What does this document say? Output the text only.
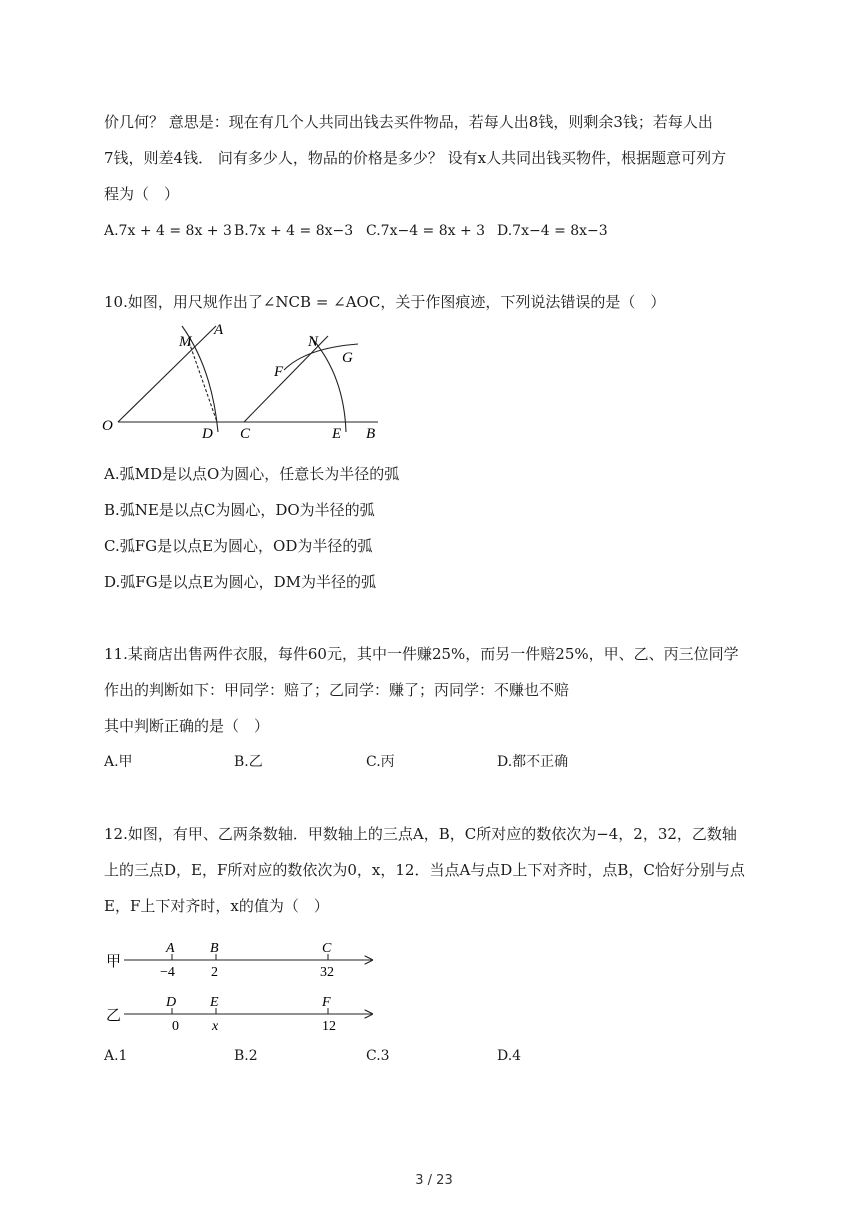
价几何？ 意思是：现在有几个人共同出钱去买件物品，若每人出8钱，则剩余3钱；若每人出
7钱，则差4钱． 问有多少人，物品的价格是多少？ 设有x人共同出钱买物件，根据题意可列方
程为（　）
A.7x + 4 = 8x + 3 B.7x + 4 = 8x−3 C.7x−4 = 8x + 3 D.7x−4 = 8x−3
10.如图，用尺规作出了∠NCB = ∠AOC，关于作图痕迹，下列说法错误的是（　）
M
A
N
G
F
O	D C	E B
A.弧MD是以点O为圆心，任意长为半径的弧
B.弧NE是以点C为圆心，DO为半径的弧
C.弧FG是以点E为圆心，OD为半径的弧
D.弧FG是以点E为圆心，DM为半径的弧
11.某商店出售两件衣服，每件60元，其中一件赚25%，而另一件赔25%，甲、乙、丙三位同学
作出的判断如下：甲同学：赔了；乙同学：赚了；丙同学：不赚也不赔
其中判断正确的是（　）
A.甲	B.乙	C.丙	D.都不正确
12.如图，有甲、乙两条数轴．甲数轴上的三点A，B，C所对应的数依次为−4，2，32，乙数轴
上的三点D，E，F所对应的数依次为0，x，12．当点A与点D上下对齐时，点B，C恰好分别与点
E，F上下对齐时，x的值为（　）
甲
A	B	C
−4	2	32
乙
D E	F
0 x	12
A.1	B.2	C.3	D.4
3 / 23
